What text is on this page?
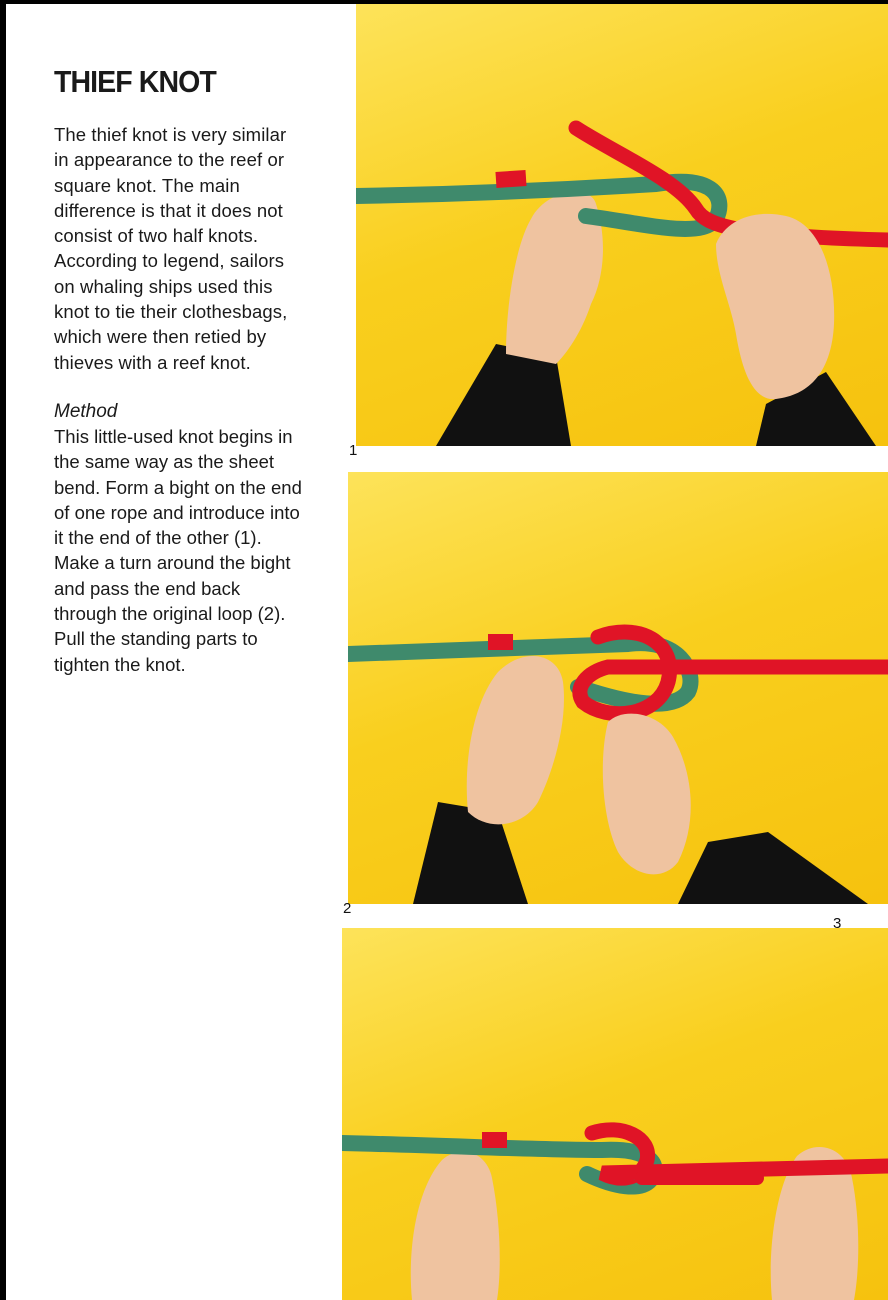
THIEF KNOT

The thief knot is very similar in appearance to the reef or square knot. The main difference is that it does not consist of two half knots. According to legend, sailors on whaling ships used this knot to tie their clothesbags, which were then retied by thieves with a reef knot.

Method

This little-used knot begins in the same way as the sheet bend. Form a bight on the end of one rope and introduce into it the end of the other (1). Make a turn around the bight and pass the end back through the original loop (2). Pull the standing parts to tighten the knot.

1
2
3
